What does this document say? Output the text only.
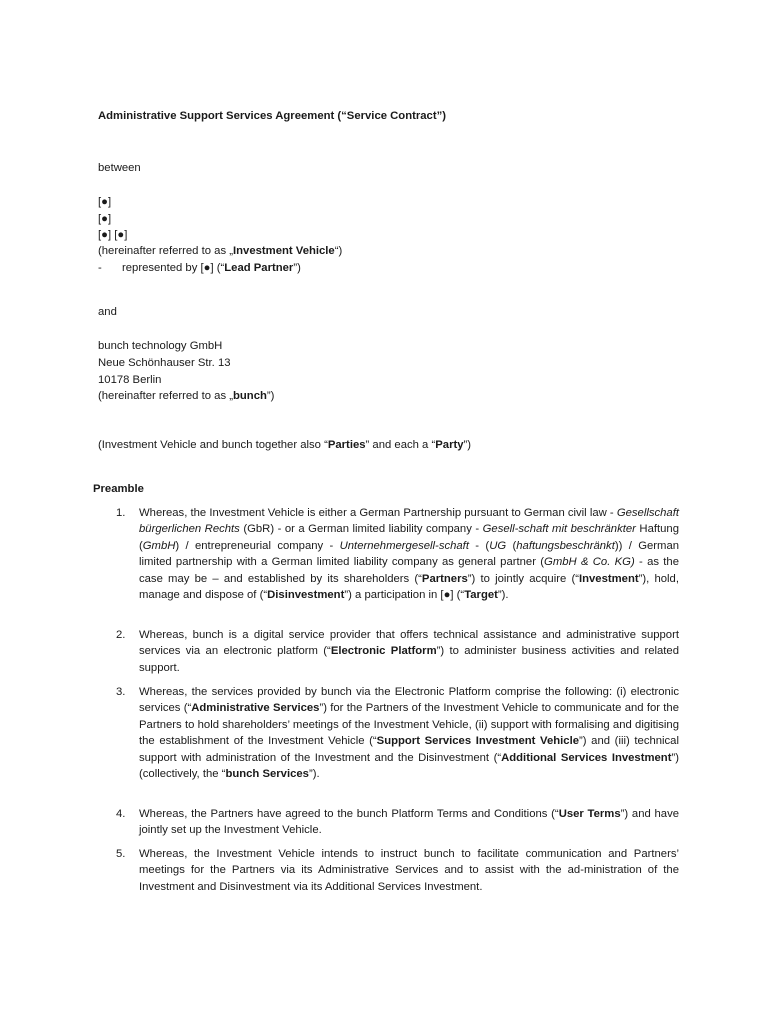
Administrative Support Services Agreement (“Service Contract”)
between
[●]
[●]
[●] [●]
(hereinafter referred to as „Investment Vehicle“)
- represented by [●] (“Lead Partner”)
and
bunch technology GmbH
Neue Schönhauser Str. 13
10178 Berlin
(hereinafter referred to as „bunch”)
(Investment Vehicle and bunch together also “Parties” and each a “Party”)
Preamble
1. Whereas, the Investment Vehicle is either a German Partnership pursuant to German civil law - Gesellschaft bürgerlichen Rechts (GbR) - or a German limited liability company - Gesell-schaft mit beschränkter Haftung (GmbH) / entrepreneurial company - Unternehmergesell-schaft - (UG (haftungsbeschränkt)) / German limited partnership with a German limited liability company as general partner (GmbH & Co. KG) - as the case may be – and established by its shareholders (“Partners”) to jointly acquire (“Investment”), hold, manage and dispose of (“Disinvestment”) a participation in [●] (“Target”).
2. Whereas, bunch is a digital service provider that offers technical assistance and administrative support services via an electronic platform (“Electronic Platform”) to administer business activities and related support.
3. Whereas, the services provided by bunch via the Electronic Platform comprise the following: (i) electronic services (“Administrative Services”) for the Partners of the Investment Vehicle to communicate and for the Partners to hold shareholders’ meetings of the Investment Vehicle, (ii) support with formalising and digitising the establishment of the Investment Vehicle (“Support Services Investment Vehicle”) and (iii) technical support with administration of the Investment and the Disinvestment (“Additional Services Investment”) (collectively, the “bunch Services”).
4. Whereas, the Partners have agreed to the bunch Platform Terms and Conditions (“User Terms”) and have jointly set up the Investment Vehicle.
5. Whereas, the Investment Vehicle intends to instruct bunch to facilitate communication and Partners’ meetings for the Partners via its Administrative Services and to assist with the ad-ministration of the Investment and Disinvestment via its Additional Services Investment.
